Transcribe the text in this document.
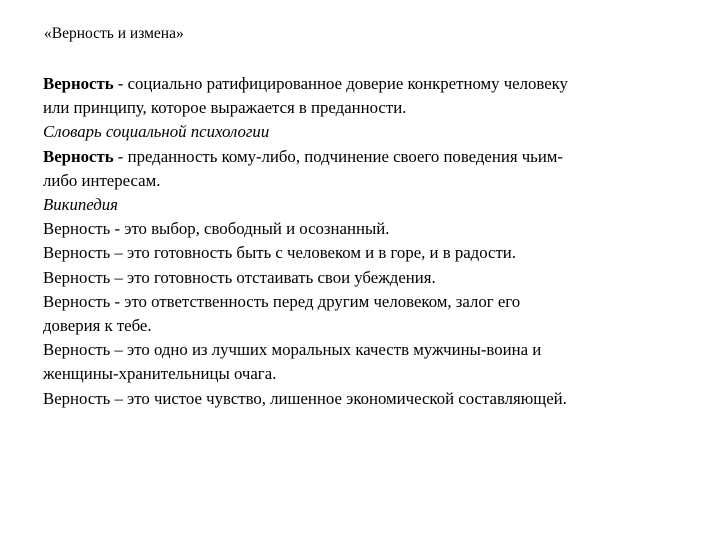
«Верность и измена»
Верность - социально ратифицированное доверие конкретному человеку
или принципу, которое выражается в преданности.
Словарь социальной психологии
Верность - преданность кому-либо, подчинение своего поведения чьим-
либо интересам.
Википедия
Верность - это выбор, свободный и осознанный.
Верность – это готовность быть с человеком и в горе, и в радости.
Верность – это готовность отстаивать свои убеждения.
Верность - это ответственность перед другим человеком, залог его
доверия к тебе.
Верность – это одно из лучших моральных качеств мужчины-воина и
женщины-хранительницы очага.
Верность – это чистое чувство, лишенное экономической составляющей.
